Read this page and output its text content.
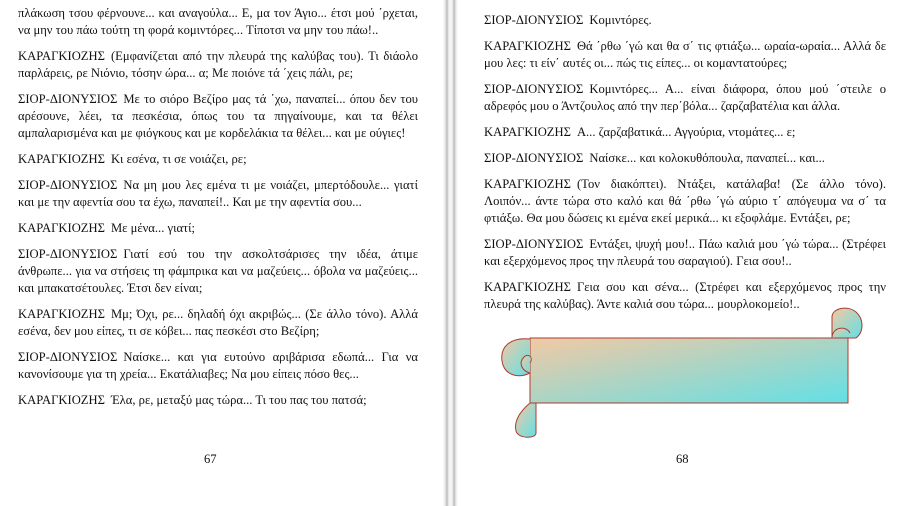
πλάκωση τσου φέρνουνε... και αναγούλα... Ε, μα τον Άγιο... έτσι μού ΄ρχεται, να μην του πάω τούτη τη φορά κομιντόρες... Τίποτσι να μην του πάω!..

ΚΑΡΑΓΚΙΟΖΗΣ (Εμφανίζεται από την πλευρά της καλύβας του). Τι διάολο παρλάρεις, ρε Νιόνιο, τόσην ώρα... α; Με ποιόνε τά ΄χεις πάλι, ρε;

ΣΙΟΡ-ΔΙΟΝΥΣΙΟΣ Με το σιόρο Βεζίρο μας τά ΄χω, παναπεί... όπου δεν του αρέσουνε, λέει, τα πεσκέσια, όπως του τα πηγαίνουμε, και τα θέλει αμπαλαρισμένα και με φιόγκους και με κορδελάκια τα θέλει... και με ούγιες!

ΚΑΡΑΓΚΙΟΖΗΣ Κι εσένα, τι σε νοιάζει, ρε;

ΣΙΟΡ-ΔΙΟΝΥΣΙΟΣ Να μη μου λες εμένα τι με νοιάζει, μπερτόδουλε... γιατί και με την αφεντία σου τα έχω, παναπεί!.. Και με την αφεντία σου...

ΚΑΡΑΓΚΙΟΖΗΣ Με μένα... γιατί;

ΣΙΟΡ-ΔΙΟΝΥΣΙΟΣ Γιατί εσύ του την ασκολτσάρισες την ιδέα, άτιμε άνθρωπε... για να στήσεις τη φάμπρικα και να μαζεύεις... όβολα να μαζεύεις... και μπακατσέτουλες. Έτσι δεν είναι;

ΚΑΡΑΓΚΙΟΖΗΣ Μμ; Όχι, ρε... δηλαδή όχι ακριβώς... (Σε άλλο τόνο). Αλλά εσένα, δεν μου είπες, τι σε κόβει... πας πεσκέσι στο Βεζίρη;

ΣΙΟΡ-ΔΙΟΝΥΣΙΟΣ Ναίσκε... και για ευτούνο αριβάρισα εδωπά... Για να κανονίσουμε για τη χρεία... Εκατάλιαβες; Να μου είπεις πόσο θες...

ΚΑΡΑΓΚΙΟΖΗΣ Έλα, ρε, μεταξύ μας τώρα... Τι του πας του πατσά;

67

ΣΙΟΡ-ΔΙΟΝΥΣΙΟΣ Κομιντόρες.

ΚΑΡΑΓΚΙΟΖΗΣ Θά ΄ρθω ΄γώ και θα σ΄ τις φτιάξω... ωραία-ωραία... Αλλά δε μου λες: τι είν΄ αυτές οι... πώς τις είπες... οι κομαντατούρες;

ΣΙΟΡ-ΔΙΟΝΥΣΙΟΣ Κομιντόρες... Α... είναι διάφορα, όπου μού ΄στειλε ο αδρεφός μου ο Άντζουλος από την περ΄βόλα... ζαρζαβατέλια και άλλα.

ΚΑΡΑΓΚΙΟΖΗΣ Α... ζαρζαβατικά... Αγγούρια, ντομάτες... ε;

ΣΙΟΡ-ΔΙΟΝΥΣΙΟΣ Ναίσκε... και κολοκυθόπουλα, παναπεί... και...

ΚΑΡΑΓΚΙΟΖΗΣ (Τον διακόπτει). Ντάξει, κατάλαβα! (Σε άλλο τόνο). Λοιπόν... άντε τώρα στο καλό και θά ΄ρθω ΄γώ αύριο τ΄ απόγευμα να σ΄ τα φτιάξω. Θα μου δώσεις κι εμένα εκεί μερικά... κι εξοφλάμε. Εντάξει, ρε;

ΣΙΟΡ-ΔΙΟΝΥΣΙΟΣ Εντάξει, ψυχή μου!.. Πάω καλιά μου ΄γώ τώρα... (Στρέφει και εξερχόμενος προς την πλευρά του σαραγιού). Γεια σου!..

ΚΑΡΑΓΚΙΟΖΗΣ Γεια σου και σένα... (Στρέφει και εξερχόμενος προς την πλευρά της καλύβας). Άντε καλιά σου τώρα... μουρλοκομείο!..

68
